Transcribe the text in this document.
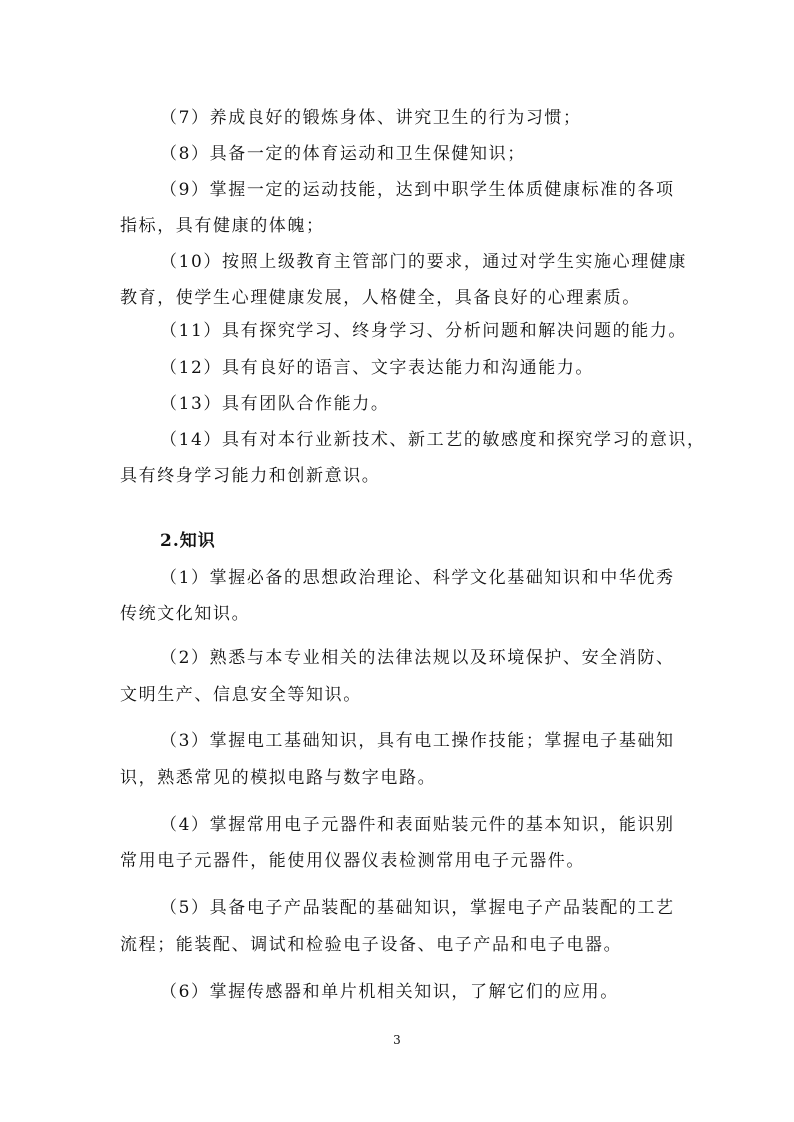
（7）养成良好的锻炼身体、讲究卫生的行为习惯；
（8）具备一定的体育运动和卫生保健知识；
（9）掌握一定的运动技能，达到中职学生体质健康标准的各项
指标，具有健康的体魄；
（10）按照上级教育主管部门的要求，通过对学生实施心理健康
教育，使学生心理健康发展，人格健全，具备良好的心理素质。
（11）具有探究学习、终身学习、分析问题和解决问题的能力。
（12）具有良好的语言、文字表达能力和沟通能力。
（13）具有团队合作能力。
（14）具有对本行业新技术、新工艺的敏感度和探究学习的意识，
具有终身学习能力和创新意识。
2.知识
（1）掌握必备的思想政治理论、科学文化基础知识和中华优秀
传统文化知识。
（2）熟悉与本专业相关的法律法规以及环境保护、安全消防、
文明生产、信息安全等知识。
（3）掌握电工基础知识，具有电工操作技能；掌握电子基础知
识，熟悉常见的模拟电路与数字电路。
（4）掌握常用电子元器件和表面贴装元件的基本知识，能识别
常用电子元器件，能使用仪器仪表检测常用电子元器件。
（5）具备电子产品装配的基础知识，掌握电子产品装配的工艺
流程；能装配、调试和检验电子设备、电子产品和电子电器。
（6）掌握传感器和单片机相关知识，了解它们的应用。
3
